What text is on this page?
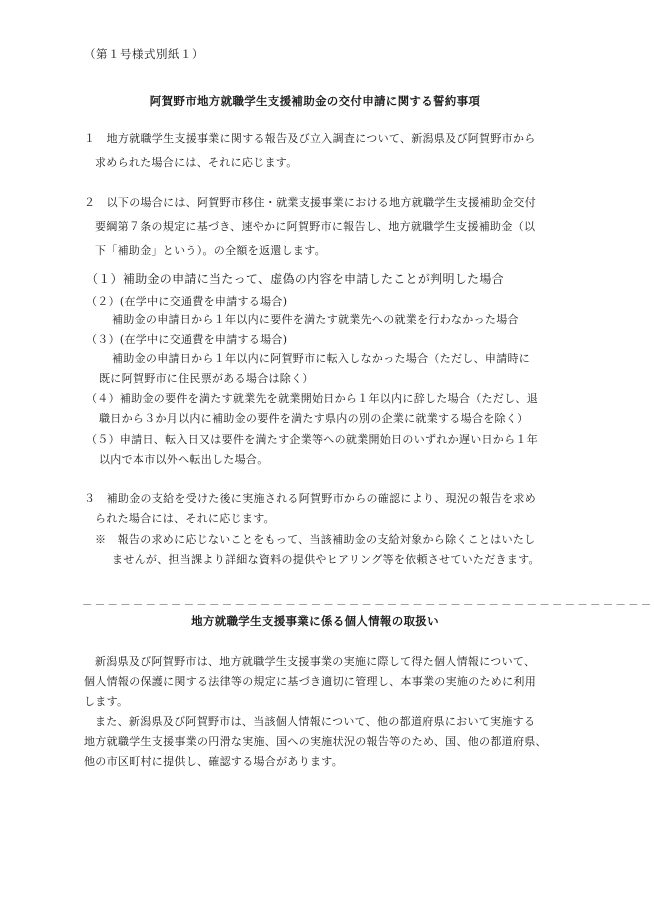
（第１号様式別紙１）
阿賀野市地方就職学生支援補助金の交付申請に関する誓約事項
１　地方就職学生支援事業に関する報告及び立入調査について、新潟県及び阿賀野市から
求められた場合には、それに応じます。
２　以下の場合には、阿賀野市移住・就業支援事業における地方就職学生支援補助金交付
要綱第７条の規定に基づき、速やかに阿賀野市に報告し、地方就職学生支援補助金（以
下「補助金」という）。の全額を返還します。
（１）補助金の申請に当たって、虚偽の内容を申請したことが判明した場合
（２）(在学中に交通費を申請する場合)
補助金の申請日から１年以内に要件を満たす就業先への就業を行わなかった場合
（３）(在学中に交通費を申請する場合)
補助金の申請日から１年以内に阿賀野市に転入しなかった場合（ただし、申請時に
既に阿賀野市に住民票がある場合は除く）
（４）補助金の要件を満たす就業先を就業開始日から１年以内に辞した場合（ただし、退
職日から３か月以内に補助金の要件を満たす県内の別の企業に就業する場合を除く）
（５）申請日、転入日又は要件を満たす企業等への就業開始日のいずれか遅い日から１年
以内で本市以外へ転出した場合。
３　補助金の支給を受けた後に実施される阿賀野市からの確認により、現況の報告を求め
られた場合には、それに応じます。
※　報告の求めに応じないことをもって、当該補助金の支給対象から除くことはいたし
ませんが、担当課より詳細な資料の提供やヒアリング等を依頼させていただきます。
－－－－－－－－－－－－－－－－－－－－－－－－－－－－－－－－－－－－－－－－－－－－－
地方就職学生支援事業に係る個人情報の取扱い
新潟県及び阿賀野市は、地方就職学生支援事業の実施に際して得た個人情報について、
個人情報の保護に関する法律等の規定に基づき適切に管理し、本事業の実施のために利用
します。
また、新潟県及び阿賀野市は、当該個人情報について、他の都道府県において実施する
地方就職学生支援事業の円滑な実施、国への実施状況の報告等のため、国、他の都道府県、
他の市区町村に提供し、確認する場合があります。
